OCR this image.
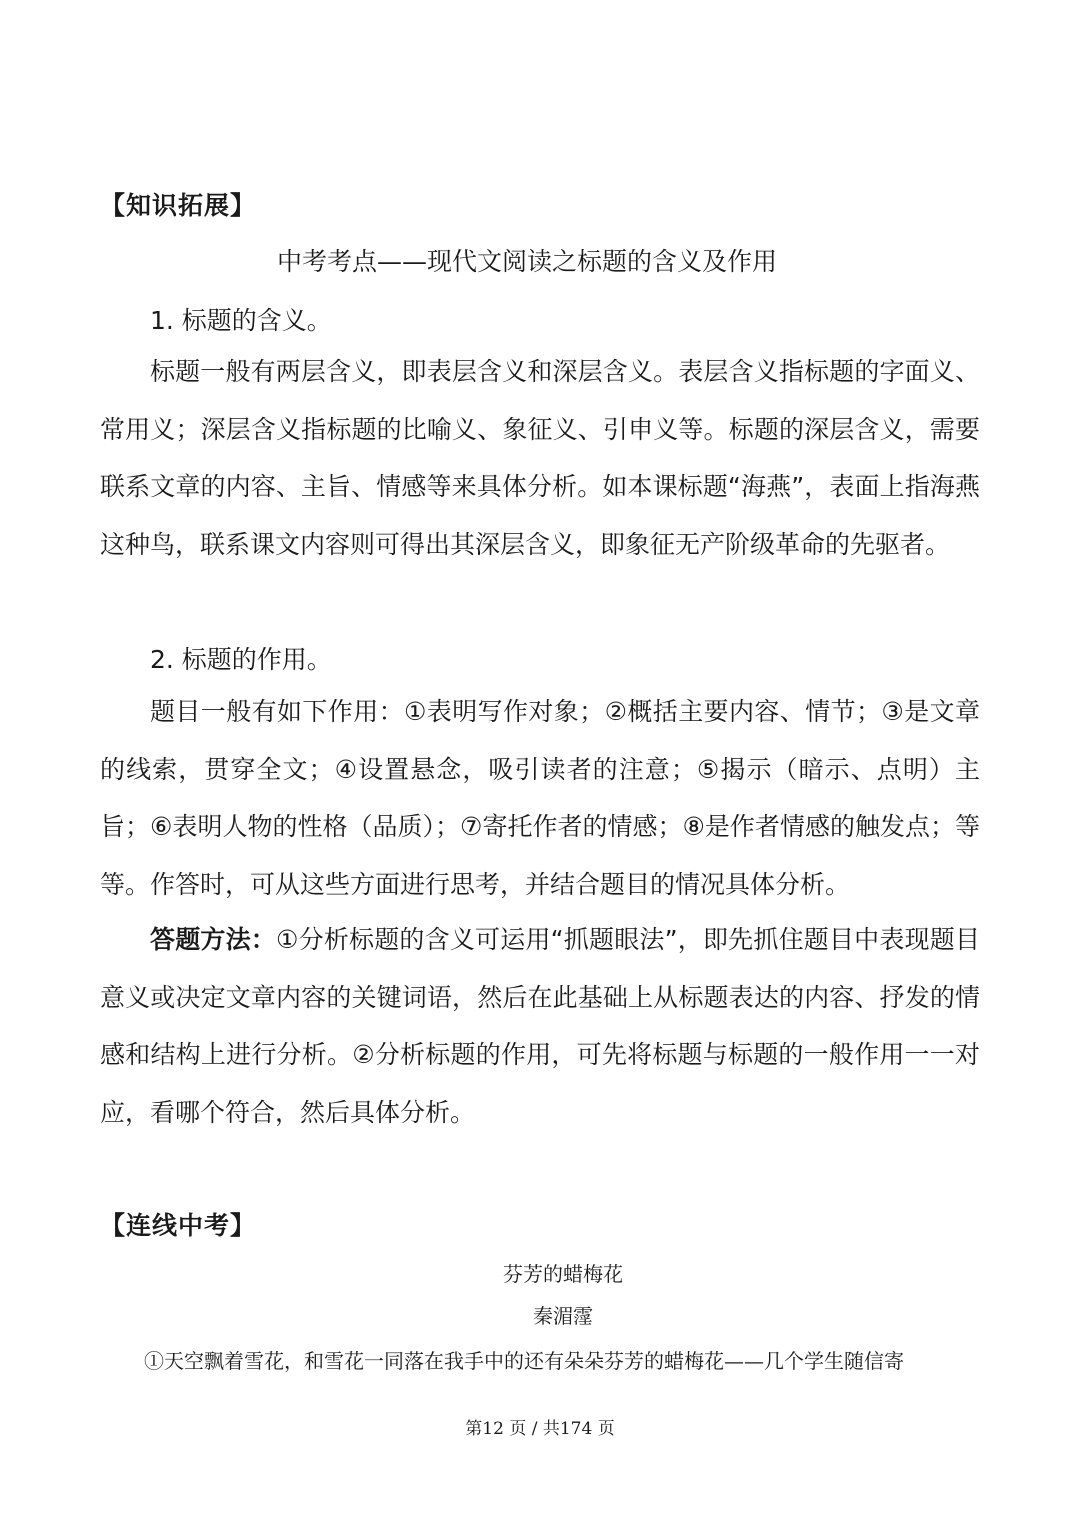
【知识拓展】
中考考点——现代文阅读之标题的含义及作用
1. 标题的含义。

标题一般有两层含义，即表层含义和深层含义。表层含义指标题的字面义、常用义；深层含义指标题的比喻义、象征义、引申义等。标题的深层含义，需要联系文章的内容、主旨、情感等来具体分析。如本课标题“海燕”，表面上指海燕这种鸟，联系课文内容则可得出其深层含义，即象征无产阶级革命的先驱者。

2. 标题的作用。

题目一般有如下作用：①表明写作对象；②概括主要内容、情节；③是文章的线索，贯穿全文；④设置悬念，吸引读者的注意；⑤揭示（暗示、点明）主旨；⑥表明人物的性格（品质）；⑦寄托作者的情感；⑧是作者情感的触发点；等等。作答时，可从这些方面进行思考，并结合题目的情况具体分析。

答题方法：①分析标题的含义可运用“抓题眼法”，即先抓住题目中表现题目意义或决定文章内容的关键词语，然后在此基础上从标题表达的内容、抒发的情感和结构上进行分析。②分析标题的作用，可先将标题与标题的一般作用一一对应，看哪个符合，然后具体分析。

【连线中考】
芬芳的蜡梅花
秦湄霪
①天空飘着雪花，和雪花一同落在我手中的还有朵朵芬芳的蜡梅花——几个学生随信寄
第12 页 / 共174 页
